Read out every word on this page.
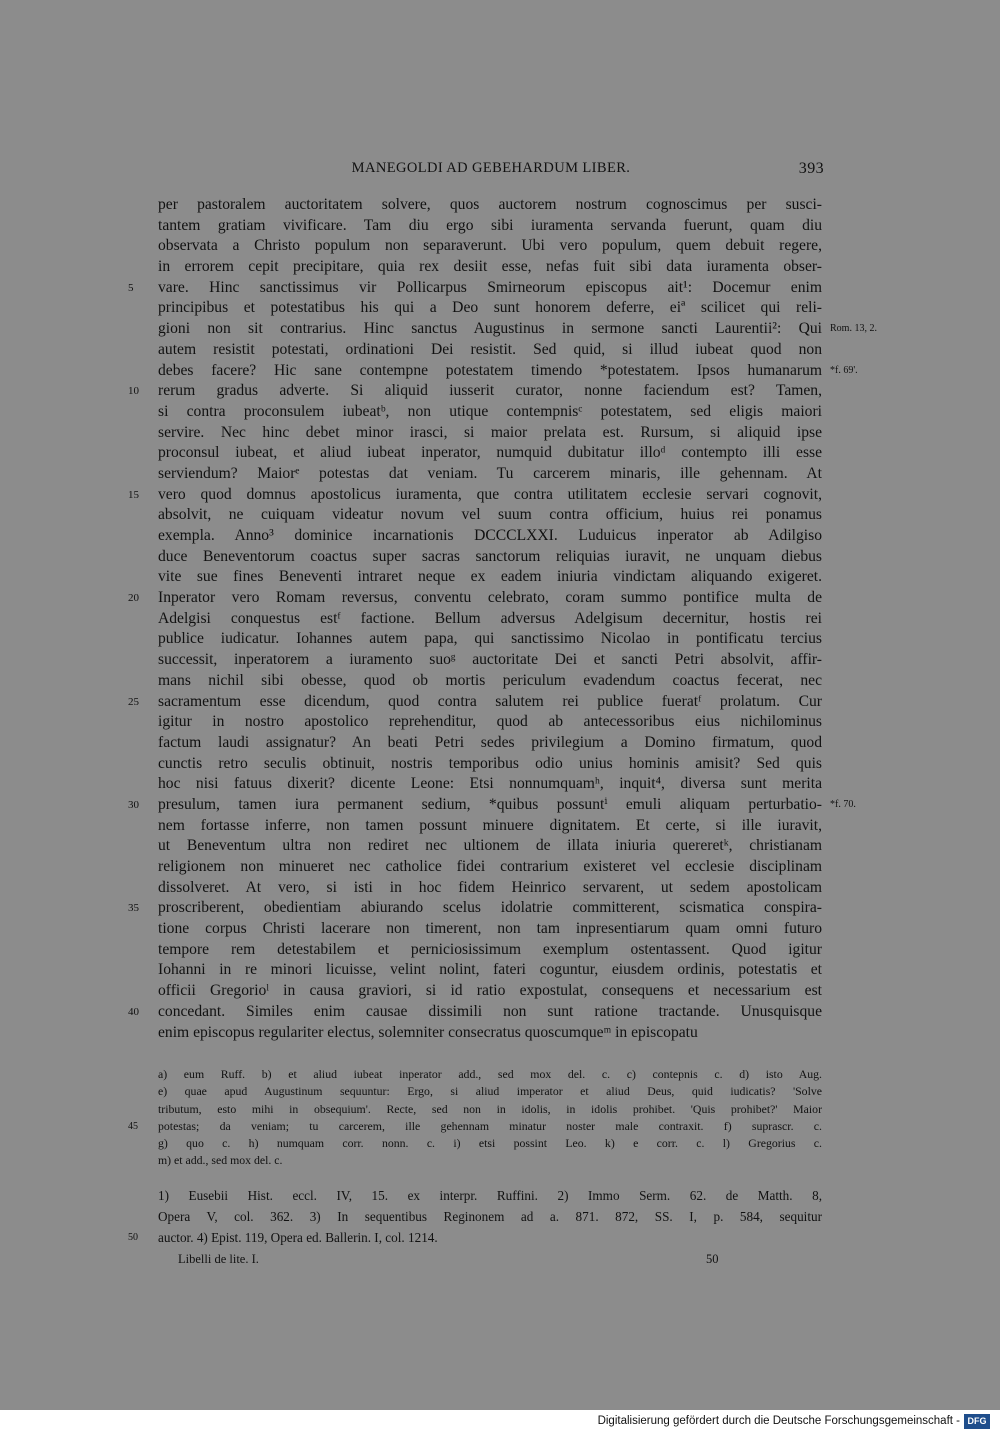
MANEGOLDI AD GEBEHARDUM LIBER.	393
per pastoralem auctoritatem solvere, quos auctorem nostrum cognoscimus per susci-
tantem gratiam vivificare. Tam diu ergo sibi iuramenta servanda fuerunt, quam diu
observata a Christo populum non separaverunt. Ubi vero populum, quem debuit regere,
in errorem cepit precipitare, quia rex desiit esse, nefas fuit sibi data iuramenta obser-
5	vare. Hinc sanctissimus vir Pollicarpus Smirneorum episcopus ait¹: Docemur enim
principibus et potestatibus his qui a Deo sunt honorem deferre, eiª scilicet qui reli-
gioni non sit contrarius. Hinc sanctus Augustinus in sermone sancti Laurentii²: Qui Rom. 13, 2.
autem resistit potestati, ordinationi Dei resistit. Sed quid, si illud iubeat quod non
debes facere? Hic sane contempne potestatem timendo *potestatem. Ipsos humanarum *f. 69'.
10	rerum gradus adverte. Si aliquid iusserit curator, nonne faciendum est? Tamen,
si contra proconsulem iubeatᵇ, non utique contempnisᶜ potestatem, sed eligis maiori
servire. Nec hinc debet minor irasci, si maior prelata est. Rursum, si aliquid ipse
proconsul iubeat, et aliud iubeat inperator, numquid dubitatur illoᵈ contempto illi esse
serviendum? Maiorᵉ potestas dat veniam. Tu carcerem minaris, ille gehennam. At
15	vero quod domnus apostolicus iuramenta, que contra utilitatem ecclesie servari cognovit,
absolvit, ne cuiquam videatur novum vel suum contra officium, huius rei ponamus
exempla. Anno³ dominice incarnationis DCCCLXXI. Luduicus inperator ab Adilgiso
duce Beneventorum coactus super sacras sanctorum reliquias iuravit, ne unquam diebus
vite sue fines Beneventi intraret neque ex eadem iniuria vindictam aliquando exigeret.
20	Inperator vero Romam reversus, conventu celebrato, coram summo pontifice multa de
Adelgisi conquestus estᶠ factione. Bellum adversus Adelgisum decernitur, hostis rei
publice iudicatur. Iohannes autem papa, qui sanctissimo Nicolao in pontificatu tercius
successit, inperatorem a iuramento suoᵍ auctoritate Dei et sancti Petri absolvit, affir-
mans nichil sibi obesse, quod ob mortis periculum evadendum coactus fecerat, nec
25	sacramentum esse dicendum, quod contra salutem rei publice fueratᶠ prolatum. Cur
igitur in nostro apostolico reprehenditur, quod ab antecessoribus eius nichilominus
factum laudi assignatur? An beati Petri sedes privilegium a Domino firmatum, quod
cunctis retro seculis obtinuit, nostris temporibus odio unius hominis amisit? Sed quis
hoc nisi fatuus dixerit? dicente Leone: Etsi nonnumquamʰ, inquit⁴, diversa sunt merita
30	presulum, tamen iura permanent sedium, *quibus possuntⁱ emuli aliquam perturbatio- *f. 70.
nem fortasse inferre, non tamen possunt minuere dignitatem. Et certe, si ille iuravit,
ut Beneventum ultra non rediret nec ultionem de illata iniuria quereretᵏ, christianam
religionem non minueret nec catholice fidei contrarium existeret vel ecclesie disciplinam
dissolveret. At vero, si isti in hoc fidem Heinrico servarent, ut sedem apostolicam
35	proscriberent, obedientiam abiurando scelus idolatrie committerent, scismatica conspira-
tione corpus Christi lacerare non timerent, non tam inpresentiarum quam omni futuro
tempore rem detestabilem et perniciosissimum exemplum ostentassent. Quod igitur
Iohanni in re minori licuisse, velint nolint, fateri coguntur, eiusdem ordinis, potestatis et
officii Gregorioˡ in causa graviori, si id ratio expostulat, consequens et necessarium est
40	concedant. Similes enim causae dissimili non sunt ratione tractande. Unusquisque
enim episcopus regulariter electus, solemniter consecratus quoscumqueᵐ in episcopatu
a) eum Ruff. b) et aliud iubeat inperator add., sed mox del. c. c) contepnis c. d) isto Aug.
e) quae apud Augustinum sequuntur: Ergo, si aliud imperator et aliud Deus, quid iudicatis? 'Solve
tributum, esto mihi in obsequium'. Recte, sed non in idolis, in idolis prohibet. 'Quis prohibet?' Maior
45	potestas; da veniam; tu carcerem, ille gehennam minatur noster male contraxit. f) suprascr. c.
g) quo c. h) numquam corr. nonn. c. i) etsi possint Leo. k) e corr. c. l) Gregorius c.
m) et add., sed mox del. c.
1) Eusebii Hist. eccl. IV, 15. ex interpr. Ruffini. 2) Immo Serm. 62. de Matth. 8,
Opera V, col. 362. 3) In sequentibus Reginonem ad a. 871. 872, SS. I, p. 584, sequitur
50	auctor. 4) Epist. 119, Opera ed. Ballerin. I, col. 1214.
Libelli de lite. I.	50
Digitalisierung gefördert durch die Deutsche Forschungsgemeinschaft - DFG
